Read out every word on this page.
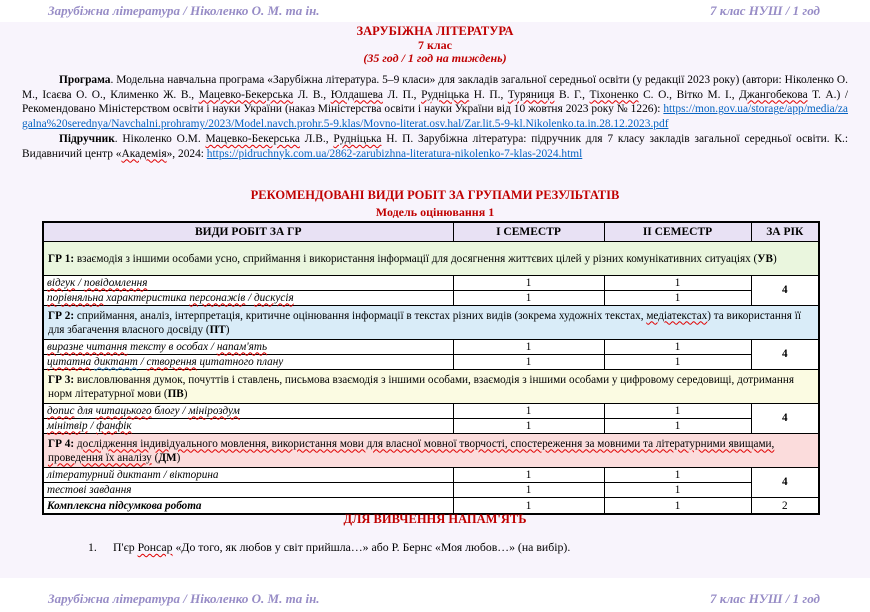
Зарубіжна література / Ніколенко О. М. та ін.	7 клас НУШ / 1 год
ЗАРУБІЖНА ЛІТЕРАТУРА
7 клас
(35 год / 1 год на тиждень)

Програма. Модельна навчальна програма «Зарубіжна література. 5–9 класи» для закладів загальної середньої освіти (у редакції 2023 року) (автори: Ніколенко О. М., Ісаєва О. О., Клименко Ж. В., Мацевко-Бекерська Л. В., Юлдашева Л. П., Рудніцька Н. П., Туряниця В. Г., Тіхоненко С. О., Вітко М. І., Джангобекова Т. А.) / Рекомендовано Міністерством освіти і науки України (наказ Міністерства освіти і науки України від 10 жовтня 2023 року № 1226): https://mon.gov.ua/storage/app/media/zagalna%20serednya/Navchalni.prohramy/2023/Model.navch.prohr.5-9.klas/Movno-literat.osv.hal/Zar.lit.5-9-kl.Nikolenko.ta.in.28.12.2023.pdf

Підручник. Ніколенко О.М. Мацевко-Бекерська Л.В., Рудніцька Н. П. Зарубіжна література: підручник для 7 класу закладів загальної середньої освіти. К.: Видавничий центр «Академія», 2024: https://pidruchnyk.com.ua/2862-zarubizhna-literatura-nikolenko-7-klas-2024.html

РЕКОМЕНДОВАНІ ВИДИ РОБІТ ЗА ГРУПАМИ РЕЗУЛЬТАТІВ
Модель оцінювання 1
ВИДИ РОБІТ ЗА ГР	І СЕМЕСТР	ІІ СЕМЕСТР	ЗА РІК
ГР 1: взаємодія з іншими особами усно, сприймання і використання інформації для досягнення життєвих цілей у різних комунікативних ситуаціях (УВ)			
відгук / повідомлення	1	1	4
порівняльна характеристика персонажів / дискусія	1	1	
ГР 2: сприймання, аналіз, інтерпретація, критичне оцінювання інформації в текстах різних видів (зокрема художніх текстах, медіатекстах) та використання її для збагачення власного досвіду (ПТ)			
виразне читання тексту в особах / напам'ять	1	1	4
цитатна диктант / створення цитатного плану	1	1	
ГР 3: висловлювання думок, почуттів і ставлень, письмова взаємодія з іншими особами, взаємодія з іншими особами у цифровому середовищі, дотримання норм літературної мови (ПВ)			
допис для читацького блогу / мініроздум	1	1	4
мінітвір / фанфік	1	1	
ГР 4: дослідження індивідуального мовлення, використання мови для власної мовної творчості, спостереження за мовними та літературними явищами, проведення їх аналізу (ДМ)			
літературний диктант / вікторина	1	1	4
тестові завдання	1	1	
Комплексна підсумкова робота	1	1	2
ДЛЯ ВИВЧЕННЯ НАПАМ'ЯТЬ
1.	П'єр Ронсар «До того, як любов у світ прийшла…» або Р. Бернс «Моя любов…» (на вибір).
Зарубіжна література / Ніколенко О. М. та ін.	7 клас НУШ / 1 год
